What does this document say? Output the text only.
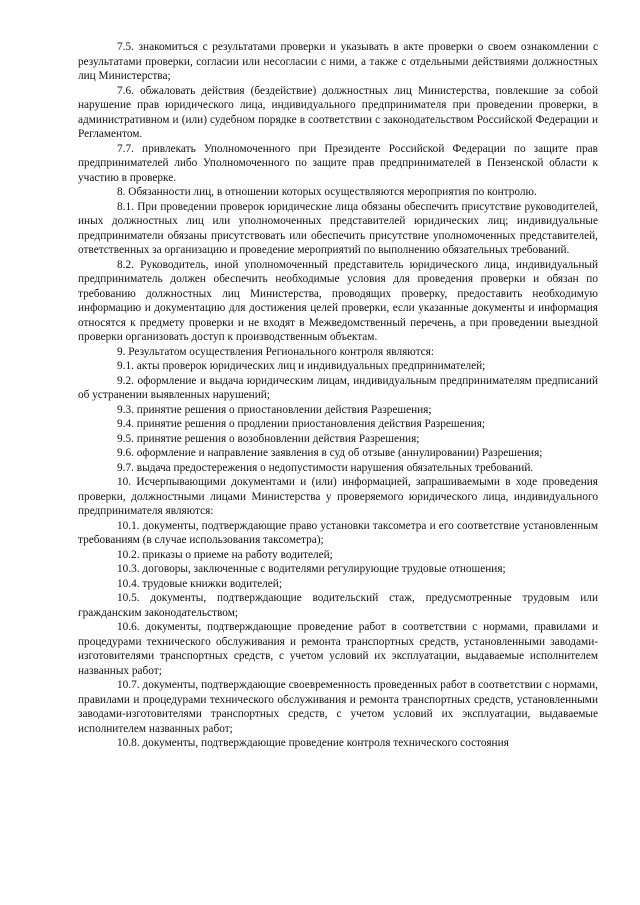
7.5. знакомиться с результатами проверки и указывать в акте проверки о своем ознакомлении с результатами проверки, согласии или несогласии с ними, а также с отдельными действиями должностных лиц Министерства;

7.6. обжаловать действия (бездействие) должностных лиц Министерства, повлекшие за собой нарушение прав юридического лица, индивидуального предпринимателя при проведении проверки, в административном и (или) судебном порядке в соответствии с законодательством Российской Федерации и Регламентом.

7.7. привлекать Уполномоченного при Президенте Российской Федерации по защите прав предпринимателей либо Уполномоченного по защите прав предпринимателей в Пензенской области к участию в проверке.

8. Обязанности лиц, в отношении которых осуществляются мероприятия по контролю.

8.1. При проведении проверок юридические лица обязаны обеспечить присутствие руководителей, иных должностных лиц или уполномоченных представителей юридических лиц; индивидуальные предприниматели обязаны присутствовать или обеспечить присутствие уполномоченных представителей, ответственных за организацию и проведение мероприятий по выполнению обязательных требований.

8.2. Руководитель, иной уполномоченный представитель юридического лица, индивидуальный предприниматель должен обеспечить необходимые условия для проведения проверки и обязан по требованию должностных лиц Министерства, проводящих проверку, предоставить необходимую информацию и документацию для достижения целей проверки, если указанные документы и информация относятся к предмету проверки и не входят в Межведомственный перечень, а при проведении выездной проверки организовать доступ к производственным объектам.

9. Результатом осуществления Регионального контроля являются:

9.1. акты проверок юридических лиц и индивидуальных предпринимателей;

9.2. оформление и выдача юридическим лицам, индивидуальным предпринимателям предписаний об устранении выявленных нарушений;

9.3. принятие решения о приостановлении действия Разрешения;

9.4. принятие решения о продлении приостановления действия Разрешения;

9.5. принятие решения о возобновлении действия Разрешения;

9.6. оформление и направление заявления в суд об отзыве (аннулировании) Разрешения;

9.7. выдача предостережения о недопустимости нарушения обязательных требований.

10. Исчерпывающими документами и (или) информацией, запрашиваемыми в ходе проведения проверки, должностными лицами Министерства у проверяемого юридического лица, индивидуального предпринимателя являются:

10.1. документы, подтверждающие право установки таксометра и его соответствие установленным требованиям (в случае использования таксометра);

10.2. приказы о приеме на работу водителей;

10.3. договоры, заключенные с водителями регулирующие трудовые отношения;

10.4. трудовые книжки водителей;

10.5. документы, подтверждающие водительский стаж, предусмотренные трудовым или гражданским законодательством;

10.6. документы, подтверждающие проведение работ в соответствии с нормами, правилами и процедурами технического обслуживания и ремонта транспортных средств, установленными заводами-изготовителями транспортных средств, с учетом условий их эксплуатации, выдаваемые исполнителем названных работ;

10.7. документы, подтверждающие своевременность проведенных работ в соответствии с нормами, правилами и процедурами технического обслуживания и ремонта транспортных средств, установленными заводами-изготовителями транспортных средств, с учетом условий их эксплуатации, выдаваемые исполнителем названных работ;

10.8. документы, подтверждающие проведение контроля технического состояния
